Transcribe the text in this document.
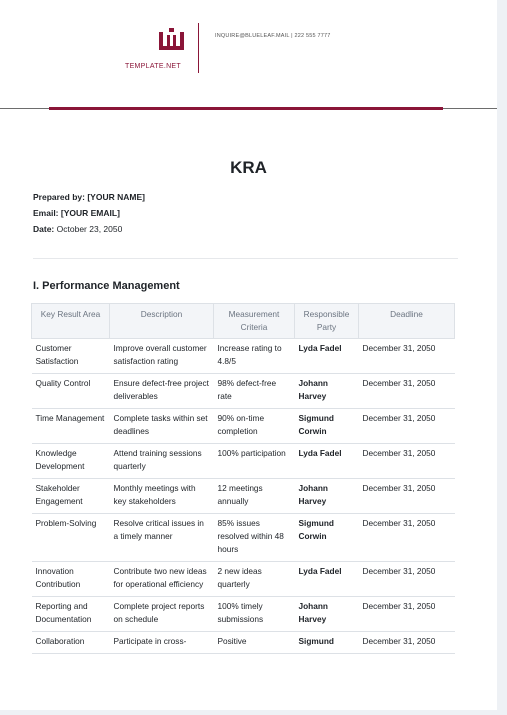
TEMPLATE.NET
INQUIRE@BLUELEAF.MAIL | 222 555 7777
KRA
Prepared by: [YOUR NAME]
Email: [YOUR EMAIL]
Date: October 23, 2050
I. Performance Management
Key Result Area	Description	Measurement Criteria	Responsible Party	Deadline
Customer Satisfaction	Improve overall customer satisfaction rating	Increase rating to 4.8/5	Lyda Fadel	December 31, 2050
Quality Control	Ensure defect-free project deliverables	98% defect-free rate	Johann Harvey	December 31, 2050
Time Management	Complete tasks within set deadlines	90% on-time completion	Sigmund Corwin	December 31, 2050
Knowledge Development	Attend training sessions quarterly	100% participation	Lyda Fadel	December 31, 2050
Stakeholder Engagement	Monthly meetings with key stakeholders	12 meetings annually	Johann Harvey	December 31, 2050
Problem-Solving	Resolve critical issues in a timely manner	85% issues resolved within 48 hours	Sigmund Corwin	December 31, 2050
Innovation Contribution	Contribute two new ideas for operational efficiency	2 new ideas quarterly	Lyda Fadel	December 31, 2050
Reporting and Documentation	Complete project reports on schedule	100% timely submissions	Johann Harvey	December 31, 2050
Collaboration	Participate in cross-	Positive	Sigmund	December 31, 2050
